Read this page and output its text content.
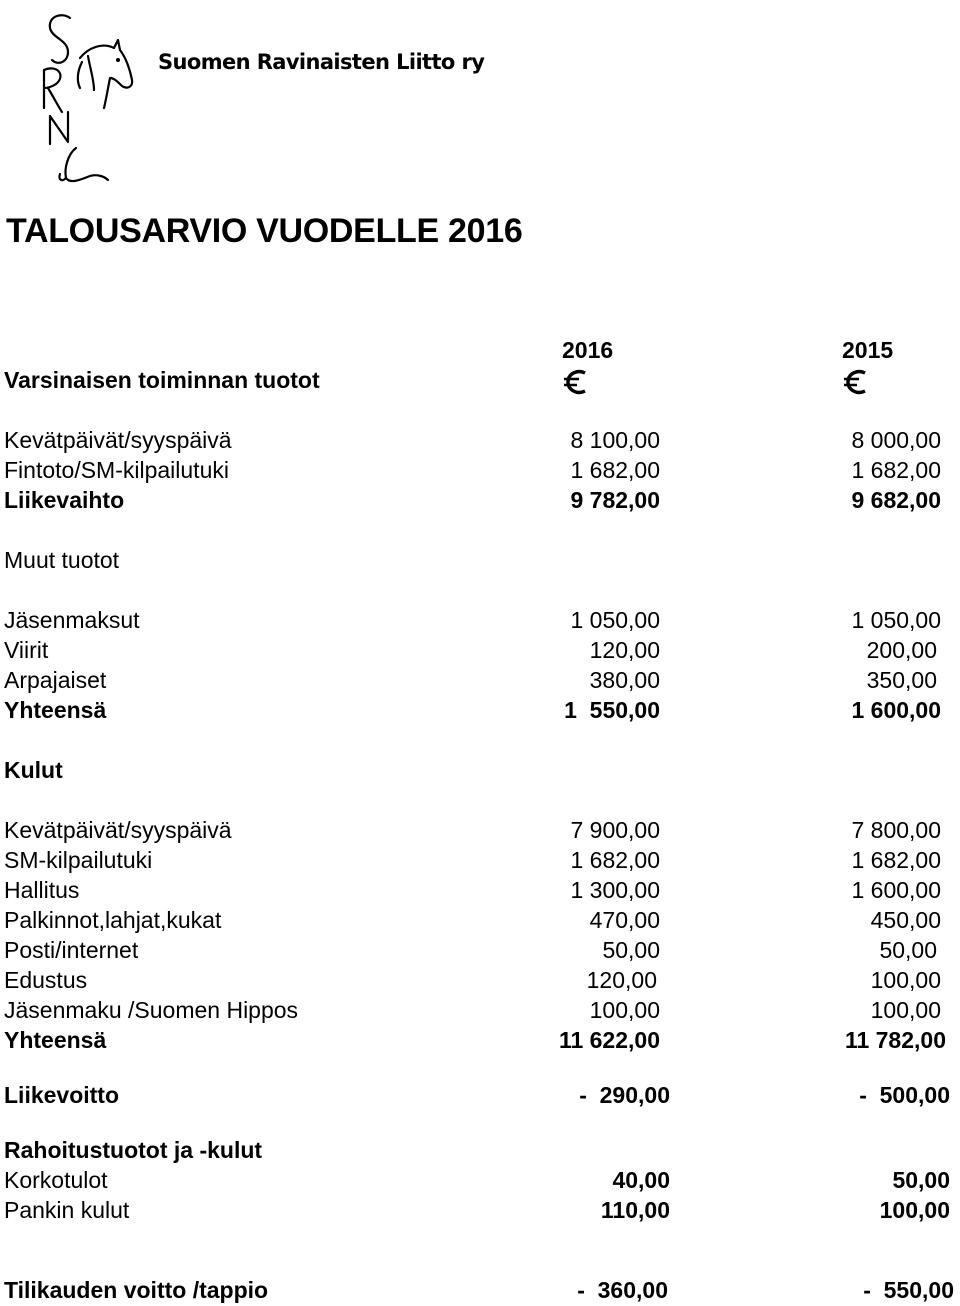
Suomen Ravinaisten Liitto ry
TALOUSARVIO VUODELLE 2016
2016	2015
Varsinaisen toiminnan tuotot
Kevätpäivät/syyspäivä	8 100,00	8 000,00
Fintoto/SM-kilpailutuki	1 682,00	1 682,00
Liikevaihto	9 782,00	9 682,00
Muut tuotot
Jäsenmaksut	1 050,00	1 050,00
Viirit	120,00	200,00
Arpajaiset	380,00	350,00
Yhteensä	1  550,00	1 600,00
Kulut
Kevätpäivät/syyspäivä	7 900,00	7 800,00
SM-kilpailutuki	1 682,00	1 682,00
Hallitus	1 300,00	1 600,00
Palkinnot,lahjat,kukat	470,00	450,00
Posti/internet	50,00	50,00
Edustus	120,00	100,00
Jäsenmaku /Suomen Hippos	100,00	100,00
Yhteensä	11 622,00	11 782,00
Liikevoitto	-  290,00	-  500,00
Rahoitustuotot ja -kulut
Korkotulot	40,00	50,00
Pankin kulut	110,00	100,00
Tilikauden voitto /tappio	-  360,00	-  550,00
